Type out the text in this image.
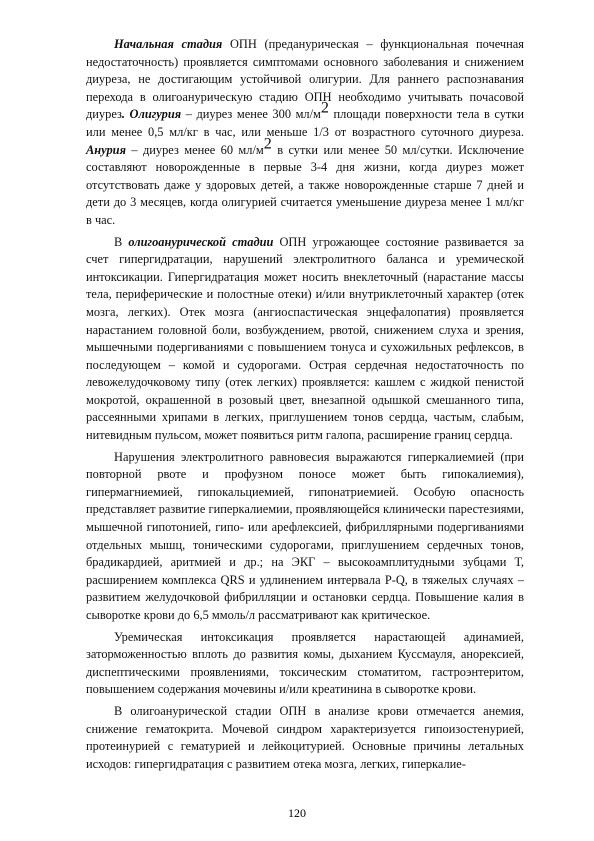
Начальная стадия ОПН (преданурическая – функциональная почечная недостаточность) проявляется симптомами основного заболевания и снижением диуреза, не достигающим устойчивой олигурии. Для раннего распознавания перехода в олигоанурическую стадию ОПН необходимо учитывать почасовой диурез. Олигурия – диурез менее 300 $мл/м^2$ площади поверхности тела в сутки или менее 0,5 мл/кг в час, или меньше 1/3 от возрастного суточного диуреза. Анурия – диурез менее 60 $мл/м^2$ в сутки или менее 50 мл/сутки. Исключение составляют новорожденные в первые 3-4 дня жизни, когда диурез может отсутствовать даже у здоровых детей, а также новорожденные старше 7 дней и дети до 3 месяцев, когда олигурией считается уменьшение диуреза менее 1 мл/кг в час.

В олигоанурической стадии ОПН угрожающее состояние развивается за счет гипергидратации, нарушений электролитного баланса и уремической интоксикации. Гипергидратация может носить внеклеточный (нарастание массы тела, периферические и полостные отеки) и/или внутриклеточный характер (отек мозга, легких). Отек мозга (ангиоспастическая энцефалопатия) проявляется нарастанием головной боли, возбуждением, рвотой, снижением слуха и зрения, мышечными подергиваниями с повышением тонуса и сухожильных рефлексов, в последующем – комой и судорогами. Острая сердечная недостаточность по левожелудочковому типу (отек легких) проявляется: кашлем с жидкой пенистой мокротой, окрашенной в розовый цвет, внезапной одышкой смешанного типа, рассеянными хрипами в легких, приглушением тонов сердца, частым, слабым, нитевидным пульсом, может появиться ритм галопа, расширение границ сердца.

Нарушения электролитного равновесия выражаются гиперкалиемией (при повторной рвоте и профузном поносе может быть гипокалиемия), гипермагниемией, гипокальциемией, гипонатриемией. Особую опасность представляет развитие гиперкалиемии, проявляющейся клинически парестезиями, мышечной гипотонией, гипо- или арефлексией, фибриллярными подергиваниями отдельных мышц, тоническими судорогами, приглушением сердечных тонов, брадикардией, аритмией и др.; на ЭКГ – высокоамплитудными зубцами Т, расширением комплекса QRS и удлинением интервала P-Q, в тяжелых случаях – развитием желудочковой фибрилляции и остановки сердца. Повышение калия в сыворотке крови до 6,5 ммоль/л рассматривают как критическое.

Уремическая интоксикация проявляется нарастающей адинамией, заторможенностью вплоть до развития комы, дыханием Куссмауля, анорексией, диспептическими проявлениями, токсическим стоматитом, гастроэнтеритом, повышением содержания мочевины и/или креатинина в сыворотке крови.

В олигоанурической стадии ОПН в анализе крови отмечается анемия, снижение гематокрита. Мочевой синдром характеризуется гипоизостенурией, протеинурией с гематурией и лейкоцитурией. Основные причины летальных исходов: гипергидратация с развитием отека мозга, легких, гиперкалие-

120
